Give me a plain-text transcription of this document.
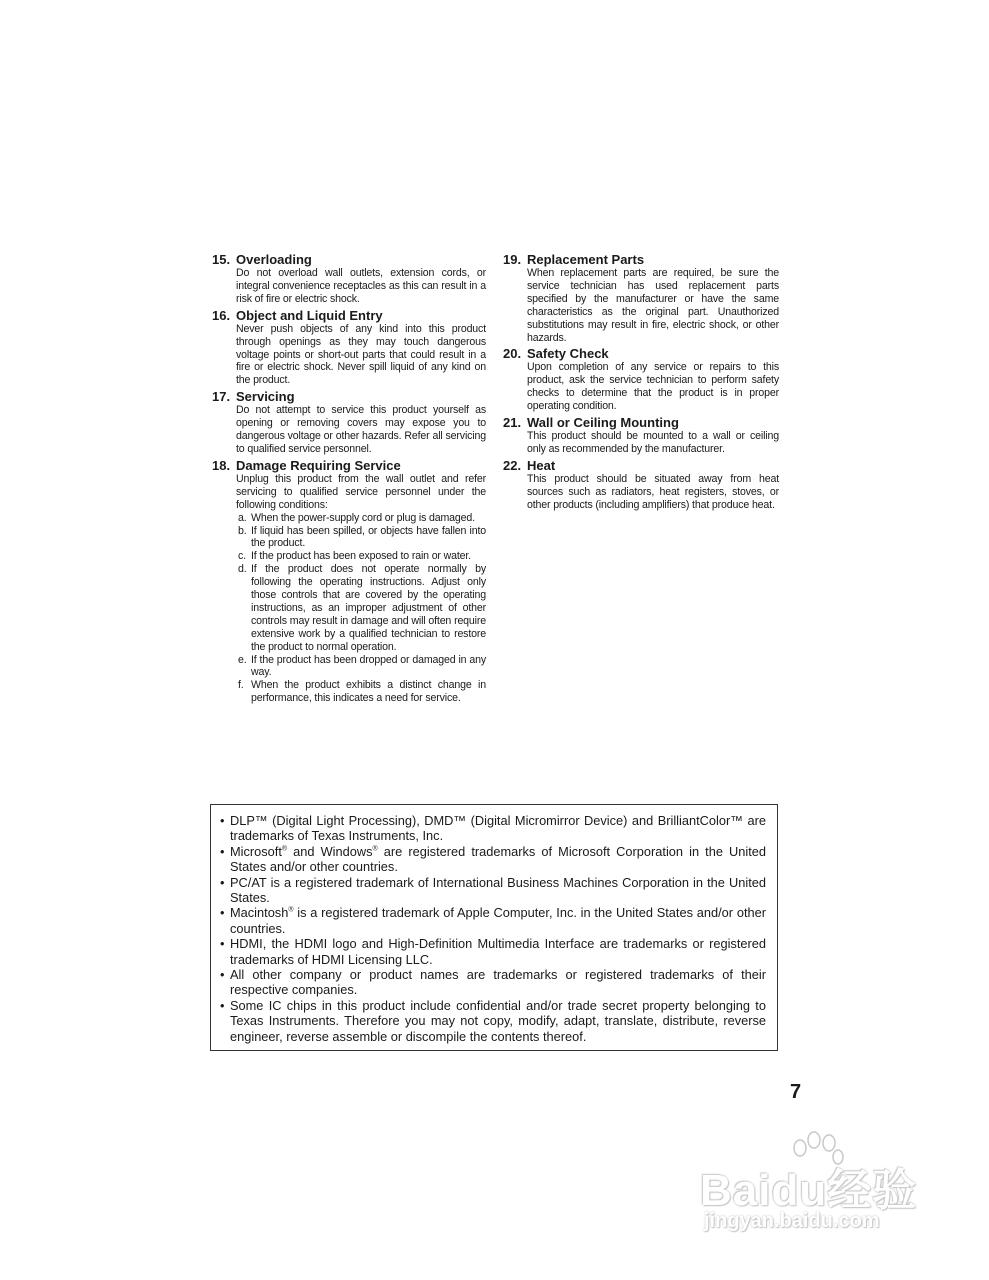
15. Overloading
Do not overload wall outlets, extension cords, or integral convenience receptacles as this can result in a risk of fire or electric shock.
16. Object and Liquid Entry
Never push objects of any kind into this product through openings as they may touch dangerous voltage points or short-out parts that could result in a fire or electric shock. Never spill liquid of any kind on the product.
17. Servicing
Do not attempt to service this product yourself as opening or removing covers may expose you to dangerous voltage or other hazards. Refer all servicing to qualified service personnel.
18. Damage Requiring Service
Unplug this product from the wall outlet and refer servicing to qualified service personnel under the following conditions:
a. When the power-supply cord or plug is damaged.
b. If liquid has been spilled, or objects have fallen into the product.
c. If the product has been exposed to rain or water.
d. If the product does not operate normally by following the operating instructions. Adjust only those controls that are covered by the operating instructions, as an improper adjustment of other controls may result in damage and will often require extensive work by a qualified technician to restore the product to normal operation.
e. If the product has been dropped or damaged in any way.
f. When the product exhibits a distinct change in performance, this indicates a need for service.
19. Replacement Parts
When replacement parts are required, be sure the service technician has used replacement parts specified by the manufacturer or have the same characteristics as the original part. Unauthorized substitutions may result in fire, electric shock, or other hazards.
20. Safety Check
Upon completion of any service or repairs to this product, ask the service technician to perform safety checks to determine that the product is in proper operating condition.
21. Wall or Ceiling Mounting
This product should be mounted to a wall or ceiling only as recommended by the manufacturer.
22. Heat
This product should be situated away from heat sources such as radiators, heat registers, stoves, or other products (including amplifiers) that produce heat.
• DLP™ (Digital Light Processing), DMD™ (Digital Micromirror Device) and BrilliantColor™ are trademarks of Texas Instruments, Inc.
• Microsoft® and Windows® are registered trademarks of Microsoft Corporation in the United States and/or other countries.
• PC/AT is a registered trademark of International Business Machines Corporation in the United States.
• Macintosh® is a registered trademark of Apple Computer, Inc. in the United States and/or other countries.
• HDMI, the HDMI logo and High-Definition Multimedia Interface are trademarks or registered trademarks of HDMI Licensing LLC.
• All other company or product names are trademarks or registered trademarks of their respective companies.
• Some IC chips in this product include confidential and/or trade secret property belonging to Texas Instruments. Therefore you may not copy, modify, adapt, translate, distribute, reverse engineer, reverse assemble or discompile the contents thereof.
7
Baidu经验
jingyan.baidu.com
